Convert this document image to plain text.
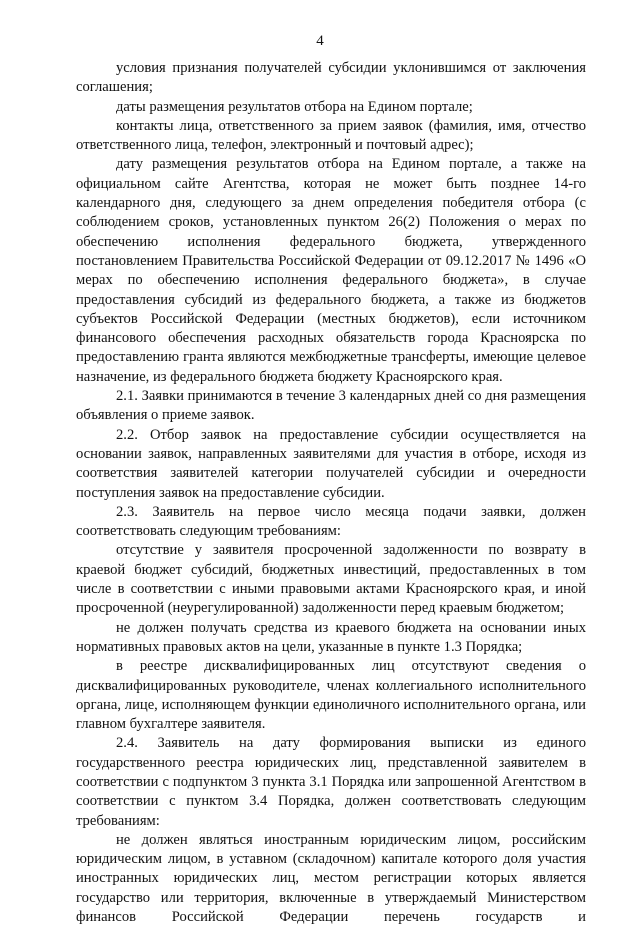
4

условия признания получателей субсидии уклонившимся от заключения соглашения;

даты размещения результатов отбора на Едином портале;

контакты лица, ответственного за прием заявок (фамилия, имя, отчество ответственного лица, телефон, электронный и почтовый адрес);

дату размещения результатов отбора на Едином портале, а также на официальном сайте Агентства, которая не может быть позднее 14-го календарного дня, следующего за днем определения победителя отбора (с соблюдением сроков, установленных пунктом 26(2) Положения о мерах по обеспечению исполнения федерального бюджета, утвержденного постановлением Правительства Российской Федерации от 09.12.2017 № 1496 «О мерах по обеспечению исполнения федерального бюджета», в случае предоставления субсидий из федерального бюджета, а также из бюджетов субъектов Российской Федерации (местных бюджетов), если источником финансового обеспечения расходных обязательств города Красноярска по предоставлению гранта являются межбюджетные трансферты, имеющие целевое назначение, из федерального бюджета бюджету Красноярского края.

2.1. Заявки принимаются в течение 3 календарных дней со дня размещения объявления о приеме заявок.

2.2. Отбор заявок на предоставление субсидии осуществляется на основании заявок, направленных заявителями для участия в отборе, исходя из соответствия заявителей категории получателей субсидии и очередности поступления заявок на предоставление субсидии.

2.3. Заявитель на первое число месяца подачи заявки, должен соответствовать следующим требованиям:

отсутствие у заявителя просроченной задолженности по возврату в краевой бюджет субсидий, бюджетных инвестиций, предоставленных в том числе в соответствии с иными правовыми актами Красноярского края, и иной просроченной (неурегулированной) задолженности перед краевым бюджетом;

не должен получать средства из краевого бюджета на основании иных нормативных правовых актов на цели, указанные в пункте 1.3 Порядка;

в реестре дисквалифицированных лиц отсутствуют сведения о дисквалифицированных руководителе, членах коллегиального исполнительного органа, лице, исполняющем функции единоличного исполнительного органа, или главном бухгалтере заявителя.

2.4. Заявитель на дату формирования выписки из единого государственного реестра юридических лиц, представленной заявителем в соответствии с подпунктом 3 пункта 3.1 Порядка или запрошенной Агентством в соответствии с пунктом 3.4 Порядка, должен соответствовать следующим требованиям:

не должен являться иностранным юридическим лицом, российским юридическим лицом, в уставном (складочном) капитале которого доля участия иностранных юридических лиц, местом регистрации которых является государство или территория, включенные в утверждаемый Министерством финансов Российской Федерации перечень государств и
